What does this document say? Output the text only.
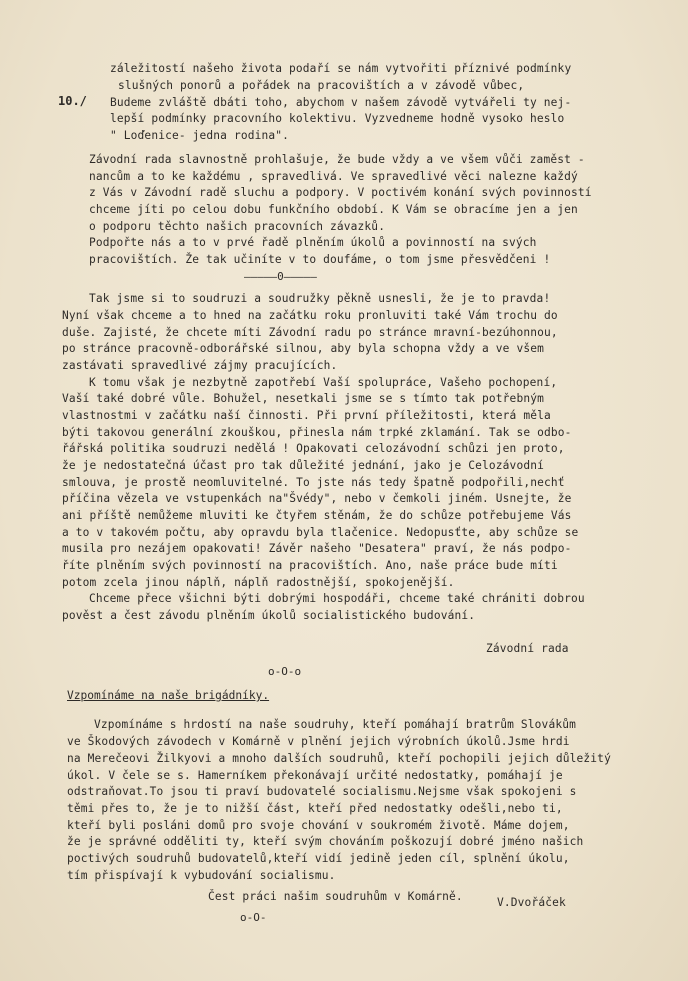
10./
záležitostí našeho života podaří se nám vytvořiti příznivé podmínky
slušných ponorů a pořádek na pracovištích a v závodě vůbec,
Budeme zvláště dbáti toho, abychom v našem závodě vytvářeli ty nej-
lepší podmínky pracovního kolektivu. Vyzvedneme hodně vysoko heslo
" Loďenice- jedna rodina".
Závodní rada slavnostně prohlašuje, že bude vždy a ve všem vůči zaměst -
nancům a to ke každému , spravedlivá. Ve spravedlivé věci nalezne každý
z Vás v Závodní radě sluchu a podpory. V poctivém konání svých povinností
chceme jíti po celou dobu funkčního období. K Vám se obracíme jen a jen
o podporu těchto našich pracovních závazků.
Podpořte nás a to v prvé řadě plněním úkolů a povinností na svých
pracovištích. Že tak učiníte v to doufáme, o tom jsme přesvědčeni !
—————0—————
Tak jsme si to soudruzi a soudružky pěkně usnesli, že je to pravda!
Nyní však chceme a to hned na začátku roku pronluviti také Vám trochu do
duše. Zajisté, že chcete míti Závodní radu po stránce mravní-bezúhonnou,
po stránce pracovně-odborářské silnou, aby byla schopna vždy a ve všem
zastávati spravedlivé zájmy pracujících.
K tomu však je nezbytně zapotřebí Vaší spolupráce, Vašeho pochopení,
Vaší také dobré vůle. Bohužel, nesetkali jsme se s tímto tak potřebným
vlastnostmi v začátku naší činnosti. Při první příležitosti, která měla
býti takovou generální zkouškou, přinesla nám trpké zklamání. Tak se odbo-
řářská politika soudruzi nedělá ! Opakovati celozávodní schůzi jen proto,
že je nedostatečná účast pro tak důležité jednání, jako je Celozávodní
smlouva, je prostě neomluvitelné. To jste nás tedy špatně podpořili,nechť
příčina vězela ve vstupenkách na"Švédy", nebo v čemkoli jiném. Usnejte, že
ani příště nemůžeme mluviti ke čtyřem stěnám, že do schůze potřebujeme Vás
a to v takovém počtu, aby opravdu byla tlačenice. Nedopusťte, aby schůze se
musila pro nezájem opakovati! Závěr našeho "Desatera" praví, že nás podpo-
říte plněním svých povinností na pracovištích. Ano, naše práce bude míti
potom zcela jinou náplň, náplň radostnější, spokojenější.
Chceme přece všichni býti dobrými hospodáři, chceme také chrániti dobrou
pověst a čest závodu plněním úkolů socialistického budování.
Závodní rada
o-O-o
Vzpomínáme na naše brigádníky.
Vzpomínáme s hrdostí na naše soudruhy, kteří pomáhají bratrům Slovákům
ve Škodových závodech v Komárně v plnění jejich výrobních úkolů.Jsme hrdi
na Merečeovi Žilkyovi a mnoho dalších soudruhů, kteří pochopili jejich důležitý
úkol. V čele se s. Hamerníkem překonávají určité nedostatky, pomáhají je
odstraňovat.To jsou ti praví budovatelé socialismu.Nejsme však spokojeni s
těmi přes to, že je to nižší část, kteří před nedostatky odešli,nebo ti,
kteří byli posláni domů pro svoje chování v soukromém životě. Máme dojem,
že je správné odděliti ty, kteří svým chováním poškozují dobré jméno našich
poctivých soudruhů budovatelů,kteří vidí jedině jeden cíl, splnění úkolu,
tím přispívají k vybudování socialismu.
Čest práci našim soudruhům v Komárně.	V.Dvořáček
o-O-
